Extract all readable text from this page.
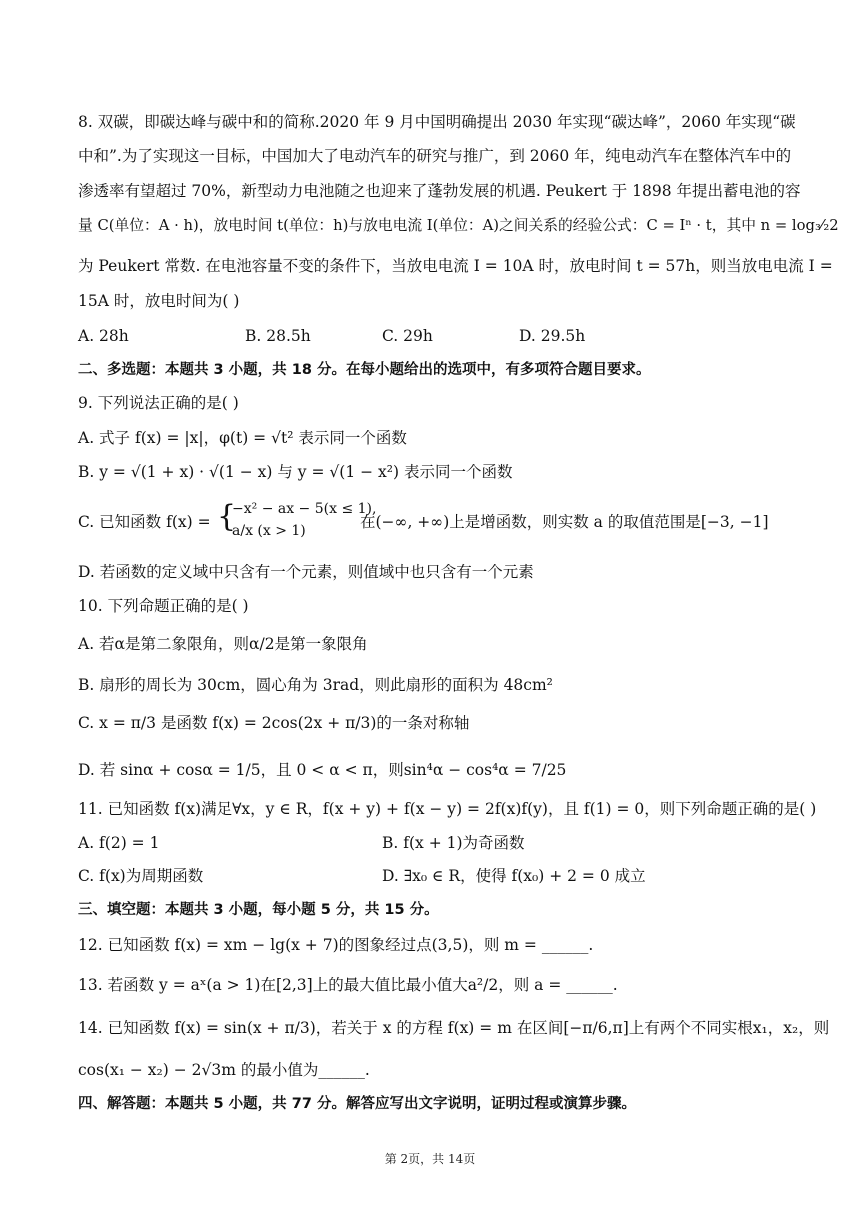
8. 双碳，即碳达峰与碳中和的简称.2020 年 9 月中国明确提出 2030 年实现“碳达峰”，2060 年实现“碳
中和”.为了实现这一目标，中国加大了电动汽车的研究与推广，到 2060 年，纯电动汽车在整体汽车中的
渗透率有望超过 70%，新型动力电池随之也迎来了蓬勃发展的机遇. Peukert 于 1898 年提出蓄电池的容
量 C(单位：A · h)，放电时间 t(单位：h)与放电电流 I(单位：A)之间关系的经验公式：C = Iⁿ · t，其中 n = log₃⁄₂2
为 Peukert 常数. 在电池容量不变的条件下，当放电电流 I = 10A 时，放电时间 t = 57h，则当放电电流 I =
15A 时，放电时间为( )
A. 28h	B. 28.5h	C. 29h	D. 29.5h
二、多选题：本题共 3 小题，共 18 分。在每小题给出的选项中，有多项符合题目要求。
9. 下列说法正确的是( )
A. 式子 f(x) = |x|，φ(t) = √t² 表示同一个函数
B. y = √(1 + x) · √(1 − x) 与 y = √(1 − x²) 表示同一个函数
C. 已知函数 f(x) = {
−x² − ax − 5(x ≤ 1),
a/x (x > 1)	在(−∞, +∞)上是增函数，则实数 a 的取值范围是[−3, −1]
D. 若函数的定义域中只含有一个元素，则值域中也只含有一个元素
10. 下列命题正确的是( )
A. 若α是第二象限角，则α/2是第一象限角
B. 扇形的周长为 30cm，圆心角为 3rad，则此扇形的面积为 48cm²
C. x = π/3 是函数 f(x) = 2cos(2x + π/3)的一条对称轴
D. 若 sinα + cosα = 1/5，且 0 < α < π，则sin⁴α − cos⁴α = 7/25
11. 已知函数 f(x)满足∀x，y ∈ R，f(x + y) + f(x − y) = 2f(x)f(y)，且 f(1) = 0，则下列命题正确的是( )
A. f(2) = 1	B. f(x + 1)为奇函数
C. f(x)为周期函数	D. ∃x₀ ∈ R，使得 f(x₀) + 2 = 0 成立
三、填空题：本题共 3 小题，每小题 5 分，共 15 分。
12. 已知函数 f(x) = xm − lg(x + 7)的图象经过点(3,5)，则 m = ______.
13. 若函数 y = aˣ(a > 1)在[2,3]上的最大值比最小值大a²/2，则 a = ______.
14. 已知函数 f(x) = sin(x + π/3)，若关于 x 的方程 f(x) = m 在区间[−π/6,π]上有两个不同实根x₁，x₂，则
cos(x₁ − x₂) − 2√3m 的最小值为______.
四、解答题：本题共 5 小题，共 77 分。解答应写出文字说明，证明过程或演算步骤。
第 2页，共 14页
